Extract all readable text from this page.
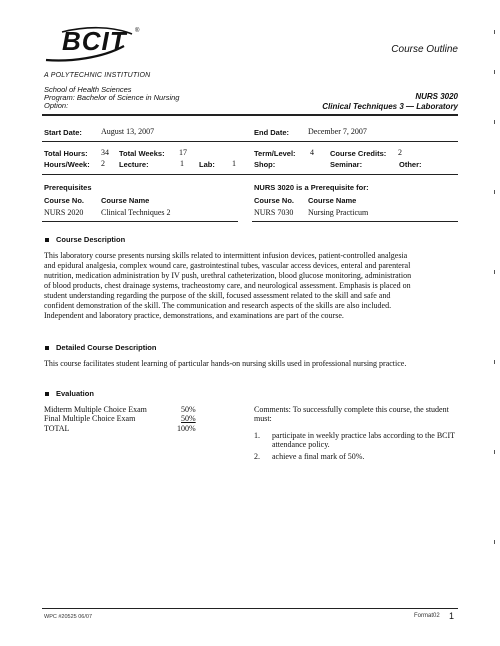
®
BCIT
A POLYTECHNIC INSTITUTION
Course Outline
School of Health Sciences
Program: Bachelor of Science in Nursing
Option:
NURS 3020
Clinical Techniques 3 — Laboratory
Start Date: August 13, 2007	End Date: December 7, 2007
Total Hours: 34 Total Weeks: 17	Term/Level: 4 Course Credits: 2
Hours/Week: 2 Lecture:	1 Lab: 1 Shop:	Seminar:	Other:
Prerequisites
Course No. Course Name
NURS 2020 Clinical Techniques 2
NURS 3020 is a Prerequisite for:
Course No. Course Name
NURS 7030 Nursing Practicum
Course Description
This laboratory course presents nursing skills related to intermittent infusion devices, patient-controlled analgesia
and epidural analgesia, complex wound care, gastrointestinal tubes, vascular access devices, enteral and parenteral
nutrition, medication administration by IV push, urethral catheterization, blood glucose monitoring, administration
of blood products, chest drainage systems, tracheostomy care, and neurological assessment. Emphasis is placed on
student understanding regarding the purpose of the skill, focused assessment related to the skill and safe and
confident demonstration of the skill. The communication and research aspects of the skills are also included.
Independent and laboratory practice, demonstrations, and examinations are part of the course.
Detailed Course Description
This course facilitates student learning of particular hands-on nursing skills used in professional nursing practice.
Evaluation
Midterm Multiple Choice Exam	50%
Final Multiple Choice Exam	50%
TOTAL	100%
Comments: To successfully complete this course, the student
must:
1. participate in weekly practice labs according to the BCIT
attendance policy.
2. achieve a final mark of 50%.
WPC #20525 06/07	Format02 1
